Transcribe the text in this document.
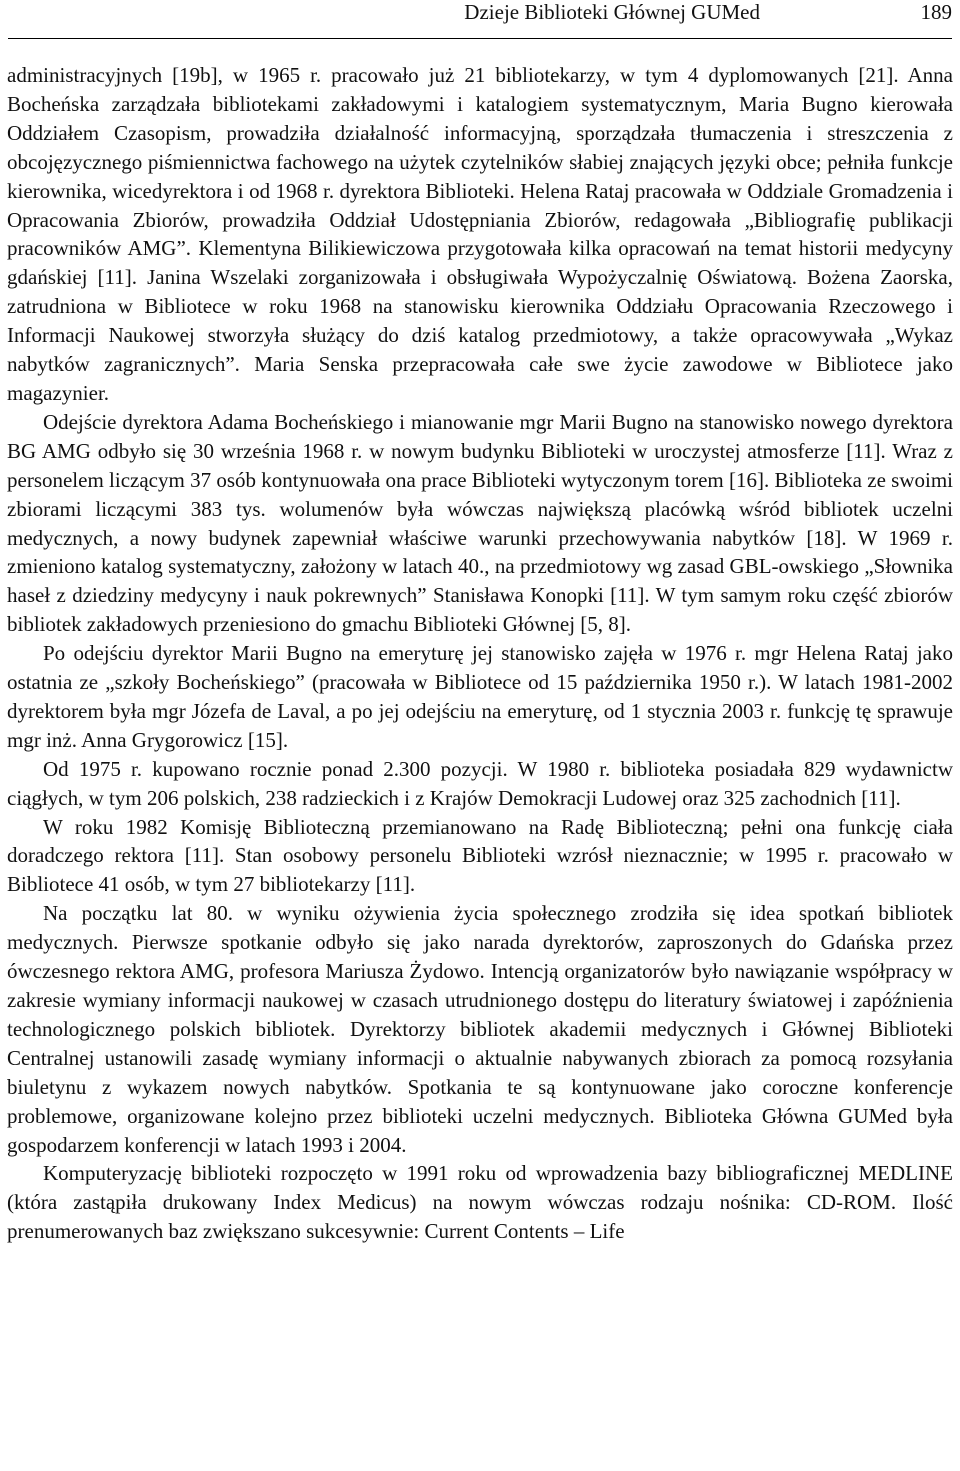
Dzieje Biblioteki Głównej GUMed	189

administracyjnych [19b], w 1965 r. pracowało już 21 bibliotekarzy, w tym 4 dyplomowanych [21]. Anna Bocheńska zarządzała bibliotekami zakładowymi i katalogiem systematycznym, Maria Bugno kierowała Oddziałem Czasopism, prowadziła działalność informacyjną, sporządzała tłumaczenia i streszczenia z obcojęzycznego piśmiennictwa fachowego na użytek czytelników słabiej znających języki obce; pełniła funkcje kierownika, wicedyrektora i od 1968 r. dyrektora Biblioteki. Helena Rataj pracowała w Oddziale Gromadzenia i Opracowania Zbiorów, prowadziła Oddział Udostępniania Zbiorów, redagowała „Bibliografię publikacji pracowników AMG”. Klementyna Bilikiewiczowa przygotowała kilka opracowań na temat historii medycyny gdańskiej [11]. Janina Wszelaki zorganizowała i obsługiwała Wypożyczalnię Oświatową. Bożena Zaorska, zatrudniona w Bibliotece w roku 1968 na stanowisku kierownika Oddziału Opracowania Rzeczowego i Informacji Naukowej stworzyła służący do dziś katalog przedmiotowy, a także opracowywała „Wykaz nabytków zagranicznych”. Maria Senska przepracowała całe swe życie zawodowe w Bibliotece jako magazynier.

Odejście dyrektora Adama Bocheńskiego i mianowanie mgr Marii Bugno na stanowisko nowego dyrektora BG AMG odbyło się 30 września 1968 r. w nowym budynku Biblioteki w uroczystej atmosferze [11]. Wraz z personelem liczącym 37 osób kontynuowała ona prace Biblioteki wytyczonym torem [16]. Biblioteka ze swoimi zbiorami liczącymi 383 tys. wolumenów była wówczas największą placówką wśród bibliotek uczelni medycznych, a nowy budynek zapewniał właściwe warunki przechowywania nabytków [18]. W 1969 r. zmieniono katalog systematyczny, założony w latach 40., na przedmiotowy wg zasad GBL-owskiego „Słownika haseł z dziedziny medycyny i nauk pokrewnych” Stanisława Konopki [11]. W tym samym roku część zbiorów bibliotek zakładowych przeniesiono do gmachu Biblioteki Głównej [5, 8].

Po odejściu dyrektor Marii Bugno na emeryturę jej stanowisko zajęła w 1976 r. mgr Helena Rataj jako ostatnia ze „szkoły Bocheńskiego” (pracowała w Bibliotece od 15 października 1950 r.). W latach 1981-2002 dyrektorem była mgr Józefa de Laval, a po jej odejściu na emeryturę, od 1 stycznia 2003 r. funkcję tę sprawuje mgr inż. Anna Grygorowicz [15].

Od 1975 r. kupowano rocznie ponad 2.300 pozycji. W 1980 r. biblioteka posiadała 829 wydawnictw ciągłych, w tym 206 polskich, 238 radzieckich i z Krajów Demokracji Ludowej oraz 325 zachodnich [11].

W roku 1982 Komisję Biblioteczną przemianowano na Radę Biblioteczną; pełni ona funkcję ciała doradczego rektora [11]. Stan osobowy personelu Biblioteki wzrósł nieznacznie; w 1995 r. pracowało w Bibliotece 41 osób, w tym 27 bibliotekarzy [11].

Na początku lat 80. w wyniku ożywienia życia społecznego zrodziła się idea spotkań bibliotek medycznych. Pierwsze spotkanie odbyło się jako narada dyrektorów, zaproszonych do Gdańska przez ówczesnego rektora AMG, profesora Mariusza Żydowo. Intencją organizatorów było nawiązanie współpracy w zakresie wymiany informacji naukowej w czasach utrudnionego dostępu do literatury światowej i zapóźnienia technologicznego polskich bibliotek. Dyrektorzy bibliotek akademii medycznych i Głównej Biblioteki Centralnej ustanowili zasadę wymiany informacji o aktualnie nabywanych zbiorach za pomocą rozsyłania biuletynu z wykazem nowych nabytków. Spotkania te są kontynuowane jako coroczne konferencje problemowe, organizowane kolejno przez biblioteki uczelni medycznych. Biblioteka Główna GUMed była gospodarzem konferencji w latach 1993 i 2004.

Komputeryzację biblioteki rozpoczęto w 1991 roku od wprowadzenia bazy bibliograficznej MEDLINE (która zastąpiła drukowany Index Medicus) na nowym wówczas rodzaju nośnika: CD-ROM. Ilość prenumerowanych baz zwiększano sukcesywnie: Current Contents – Life
